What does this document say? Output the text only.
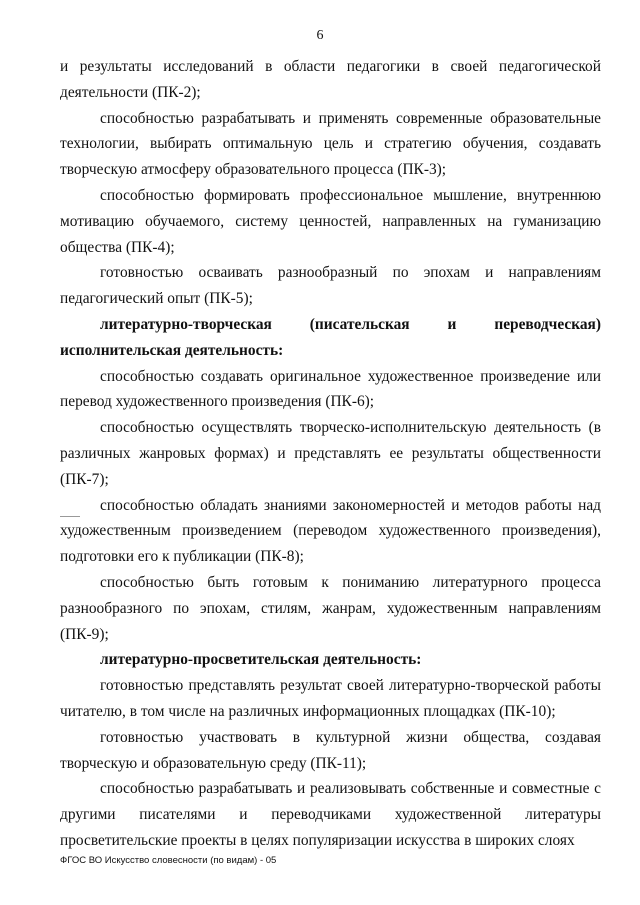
6

и результаты исследований в области педагогики в своей педагогической деятельности (ПК-2);

способностью разрабатывать и применять современные образовательные технологии, выбирать оптимальную цель и стратегию обучения, создавать творческую атмосферу образовательного процесса (ПК-3);

способностью формировать профессиональное мышление, внутреннюю мотивацию обучаемого, систему ценностей, направленных на гуманизацию общества (ПК-4);

готовностью осваивать разнообразный по эпохам и направлениям педагогический опыт (ПК-5);

литературно-творческая (писательская и переводческая) исполнительская деятельность:

способностью создавать оригинальное художественное произведение или перевод художественного произведения (ПК-6);

способностью осуществлять творческо-исполнительскую деятельность (в различных жанровых формах) и представлять ее результаты общественности (ПК-7);

способностью обладать знаниями закономерностей и методов работы над художественным произведением (переводом художественного произведения), подготовки его к публикации (ПК-8);

способностью быть готовым к пониманию литературного процесса разнообразного по эпохам, стилям, жанрам, художественным направлениям (ПК-9);

литературно-просветительская деятельность:

готовностью представлять результат своей литературно-творческой работы читателю, в том числе на различных информационных площадках (ПК-10);

готовностью участвовать в культурной жизни общества, создавая творческую и образовательную среду (ПК-11);

способностью разрабатывать и реализовывать собственные и совместные с другими писателями и переводчиками художественной литературы просветительские проекты в целях популяризации искусства в широких слоях

ФГОС ВО Искусство словесности (по видам) - 05
